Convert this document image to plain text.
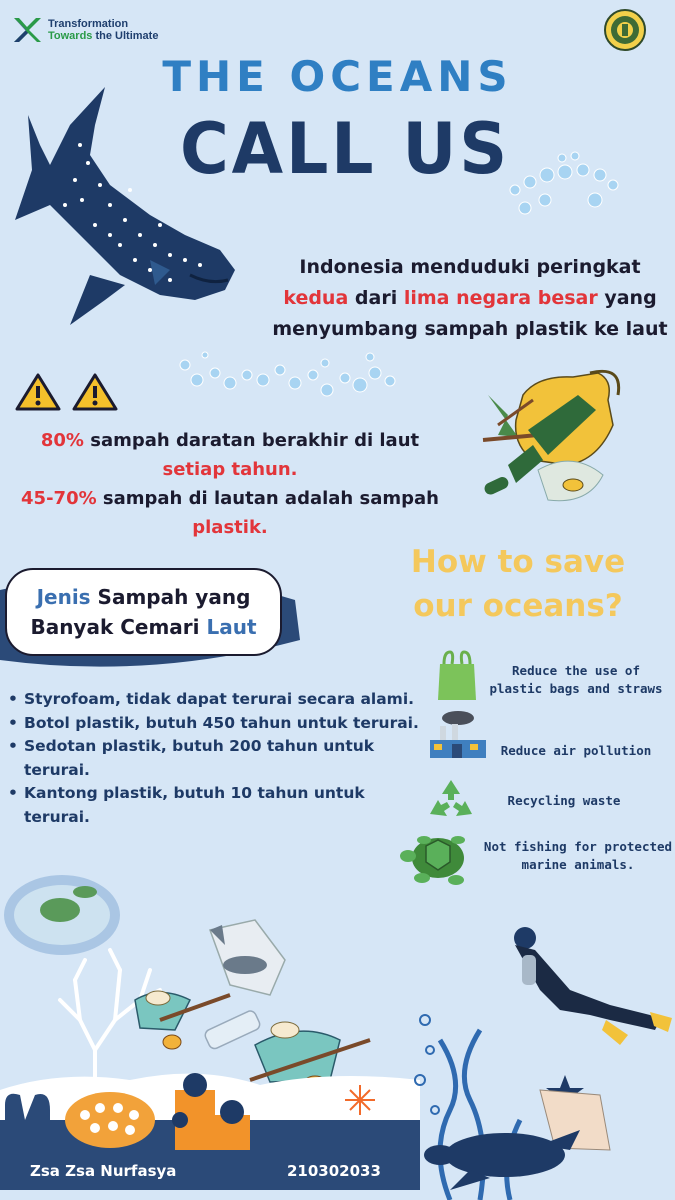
Transformation
Towards the Ultimate
THE OCEANS
CALL US
Indonesia menduduki peringkat kedua dari lima negara besar yang menyumbang sampah plastik ke laut
80% sampah daratan berakhir di laut setiap tahun.
45-70% sampah di lautan adalah sampah plastik.
Jenis Sampah yang
Banyak Cemari Laut
How to save
our oceans?
• Styrofoam, tidak dapat terurai secara alami.
• Botol plastik, butuh 450 tahun untuk terurai.
• Sedotan plastik, butuh 200 tahun untuk terurai.
• Kantong plastik, butuh 10 tahun untuk terurai.
Reduce the use of plastic bags and straws
Reduce air pollution
Recycling waste
Not fishing for protected marine animals.
Zsa Zsa Nurfasya	210302033
